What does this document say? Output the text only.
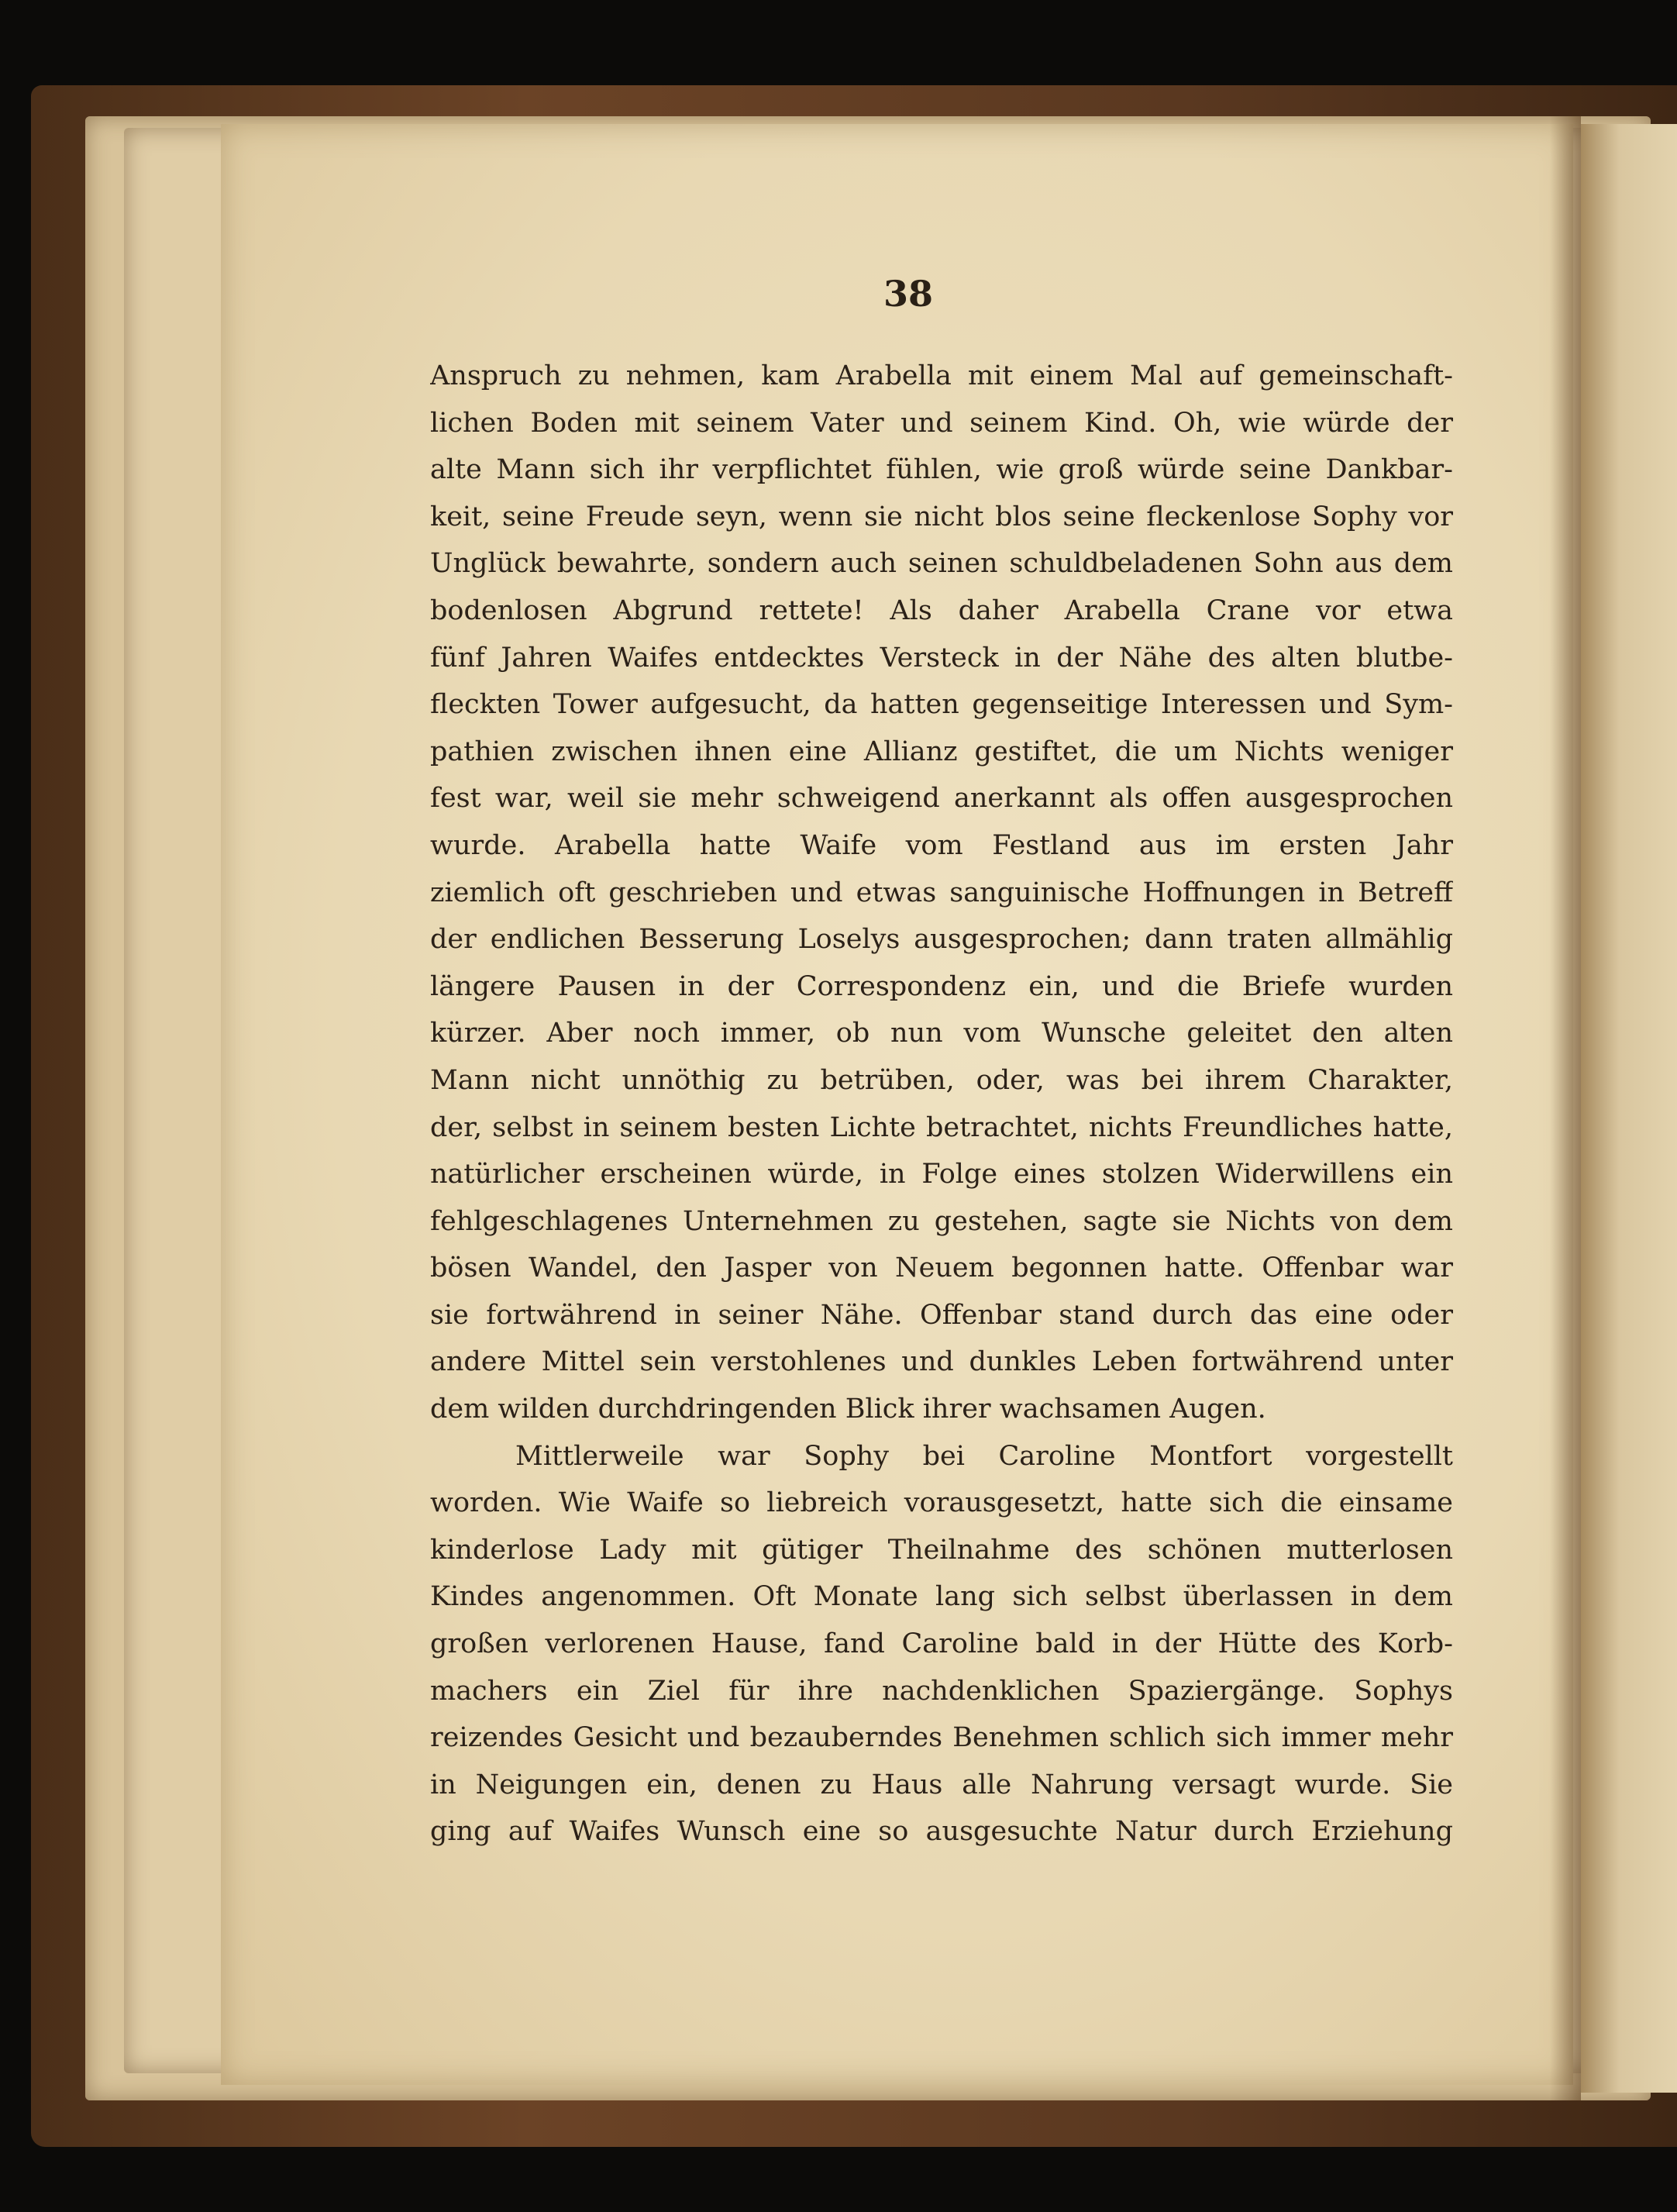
38
Anspruch zu nehmen, kam Arabella mit einem Mal auf gemeinschaft-
lichen Boden mit seinem Vater und seinem Kind. Oh, wie würde der
alte Mann sich ihr verpflichtet fühlen, wie groß würde seine Dankbar-
keit, seine Freude seyn, wenn sie nicht blos seine fleckenlose Sophy vor
Unglück bewahrte, sondern auch seinen schuldbeladenen Sohn aus dem
bodenlosen Abgrund rettete! Als daher Arabella Crane vor etwa
fünf Jahren Waifes entdecktes Versteck in der Nähe des alten blutbe-
fleckten Tower aufgesucht, da hatten gegenseitige Interessen und Sym-
pathien zwischen ihnen eine Allianz gestiftet, die um Nichts weniger
fest war, weil sie mehr schweigend anerkannt als offen ausgesprochen
wurde. Arabella hatte Waife vom Festland aus im ersten Jahr
ziemlich oft geschrieben und etwas sanguinische Hoffnungen in Betreff
der endlichen Besserung Loselys ausgesprochen; dann traten allmählig
längere Pausen in der Correspondenz ein, und die Briefe wurden
kürzer. Aber noch immer, ob nun vom Wunsche geleitet den alten
Mann nicht unnöthig zu betrüben, oder, was bei ihrem Charakter,
der, selbst in seinem besten Lichte betrachtet, nichts Freundliches hatte,
natürlicher erscheinen würde, in Folge eines stolzen Widerwillens ein
fehlgeschlagenes Unternehmen zu gestehen, sagte sie Nichts von dem
bösen Wandel, den Jasper von Neuem begonnen hatte. Offenbar war
sie fortwährend in seiner Nähe. Offenbar stand durch das eine oder
andere Mittel sein verstohlenes und dunkles Leben fortwährend unter
dem wilden durchdringenden Blick ihrer wachsamen Augen.
Mittlerweile war Sophy bei Caroline Montfort vorgestellt
worden. Wie Waife so liebreich vorausgesetzt, hatte sich die einsame
kinderlose Lady mit gütiger Theilnahme des schönen mutterlosen
Kindes angenommen. Oft Monate lang sich selbst überlassen in dem
großen verlorenen Hause, fand Caroline bald in der Hütte des Korb-
machers ein Ziel für ihre nachdenklichen Spaziergänge. Sophys
reizendes Gesicht und bezauberndes Benehmen schlich sich immer mehr
in Neigungen ein, denen zu Haus alle Nahrung versagt wurde. Sie
ging auf Waifes Wunsch eine so ausgesuchte Natur durch Erziehung
